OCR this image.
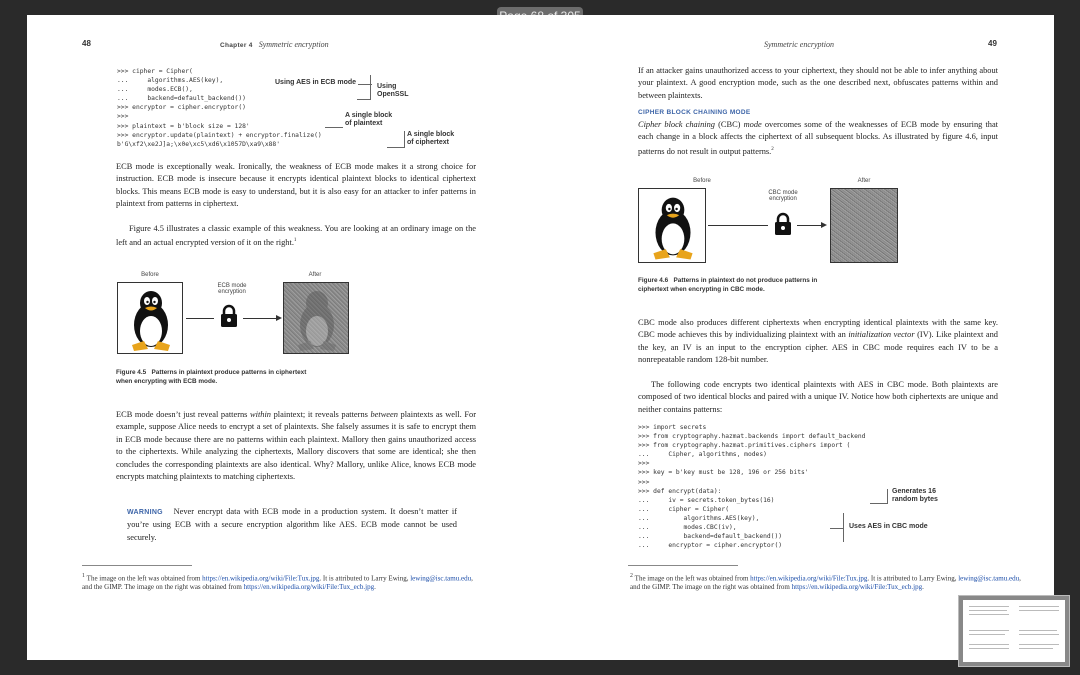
48	Chapter 4 Symmetric encryption
>>> cipher = Cipher(
...     algorithms.AES(key),
...     modes.ECB(),
...     backend=default_backend())
>>> encryptor = cipher.encryptor()
>>>
>>> plaintext = b'block size = 128'
>>> encryptor.update(plaintext) + encryptor.finalize()
b'G\xf2\xe2J]a;\x0e\xc5\xd6\x1057D\xa9\x88'
Using AES in ECB mode
Using
OpenSSL
A single block
of plaintext
A single block
of ciphertext
ECB mode is exceptionally weak. Ironically, the weakness of ECB mode makes it a strong choice for instruction. ECB mode is insecure because it encrypts identical plaintext blocks to identical ciphertext blocks. This means ECB mode is easy to understand, but it is also easy for an attacker to infer patterns in plaintext from patterns in ciphertext.
Figure 4.5 illustrates a classic example of this weakness. You are looking at an ordinary image on the left and an actual encrypted version of it on the right.$^1$
Before	After
ECB mode
encryption
Figure 4.5 Patterns in plaintext produce patterns in ciphertext
when encrypting with ECB mode.
ECB mode doesn’t just reveal patterns within plaintext; it reveals patterns between plaintexts as well. For example, suppose Alice needs to encrypt a set of plaintexts. She falsely assumes it is safe to encrypt them in ECB mode because there are no patterns within each plaintext. Mallory then gains unauthorized access to the ciphertexts. While analyzing the ciphertexts, Mallory discovers that some are identical; she then concludes the corresponding plaintexts are also identical. Why? Mallory, unlike Alice, knows ECB mode encrypts matching plaintexts to matching ciphertexts.
WARNING Never encrypt data with ECB mode in a production system. It doesn’t matter if you’re using ECB with a secure encryption algorithm like AES. ECB mode cannot be used securely.
$^1$ The image on the left was obtained from https://en.wikipedia.org/wiki/File:Tux.jpg. It is attributed to Larry Ewing, lewing@isc.tamu.edu, and the GIMP. The image on the right was obtained from https://en.wikipedia.org/wiki/File:Tux_ecb.jpg.
Symmetric encryption	49
If an attacker gains unauthorized access to your ciphertext, they should not be able to infer anything about your plaintext. A good encryption mode, such as the one described next, obfuscates patterns within and between plaintexts.
CIPHER BLOCK CHAINING MODE
Cipher block chaining (CBC) mode overcomes some of the weaknesses of ECB mode by ensuring that each change in a block affects the ciphertext of all subsequent blocks. As illustrated by figure 4.6, input patterns do not result in output patterns.$^2$
Before	After
CBC mode
encryption
Figure 4.6 Patterns in plaintext do not produce patterns in
ciphertext when encrypting in CBC mode.
CBC mode also produces different ciphertexts when encrypting identical plaintexts with the same key. CBC mode achieves this by individualizing plaintext with an initialization vector (IV). Like plaintext and the key, an IV is an input to the encryption cipher. AES in CBC mode requires each IV to be a nonrepeatable random 128-bit number.
The following code encrypts two identical plaintexts with AES in CBC mode. Both plaintexts are composed of two identical blocks and paired with a unique IV. Notice how both ciphertexts are unique and neither contains patterns:
>>> import secrets
>>> from cryptography.hazmat.backends import default_backend
>>> from cryptography.hazmat.primitives.ciphers import (
...     Cipher, algorithms, modes)
>>>
>>> key = b'key must be 128, 196 or 256 bits'
>>>
>>> def encrypt(data):
...     iv = secrets.token_bytes(16)
...     cipher = Cipher(
...         algorithms.AES(key),
...         modes.CBC(iv),
...         backend=default_backend())
...     encryptor = cipher.encryptor()
Generates 16
random bytes
Uses AES in CBC mode
$^2$ The image on the left was obtained from https://en.wikipedia.org/wiki/File:Tux.jpg. It is attributed to Larry Ewing, lewing@isc.tamu.edu, and the GIMP. The image on the right was obtained from https://en.wikipedia.org/wiki/File:Tux_ecb.jpg.
